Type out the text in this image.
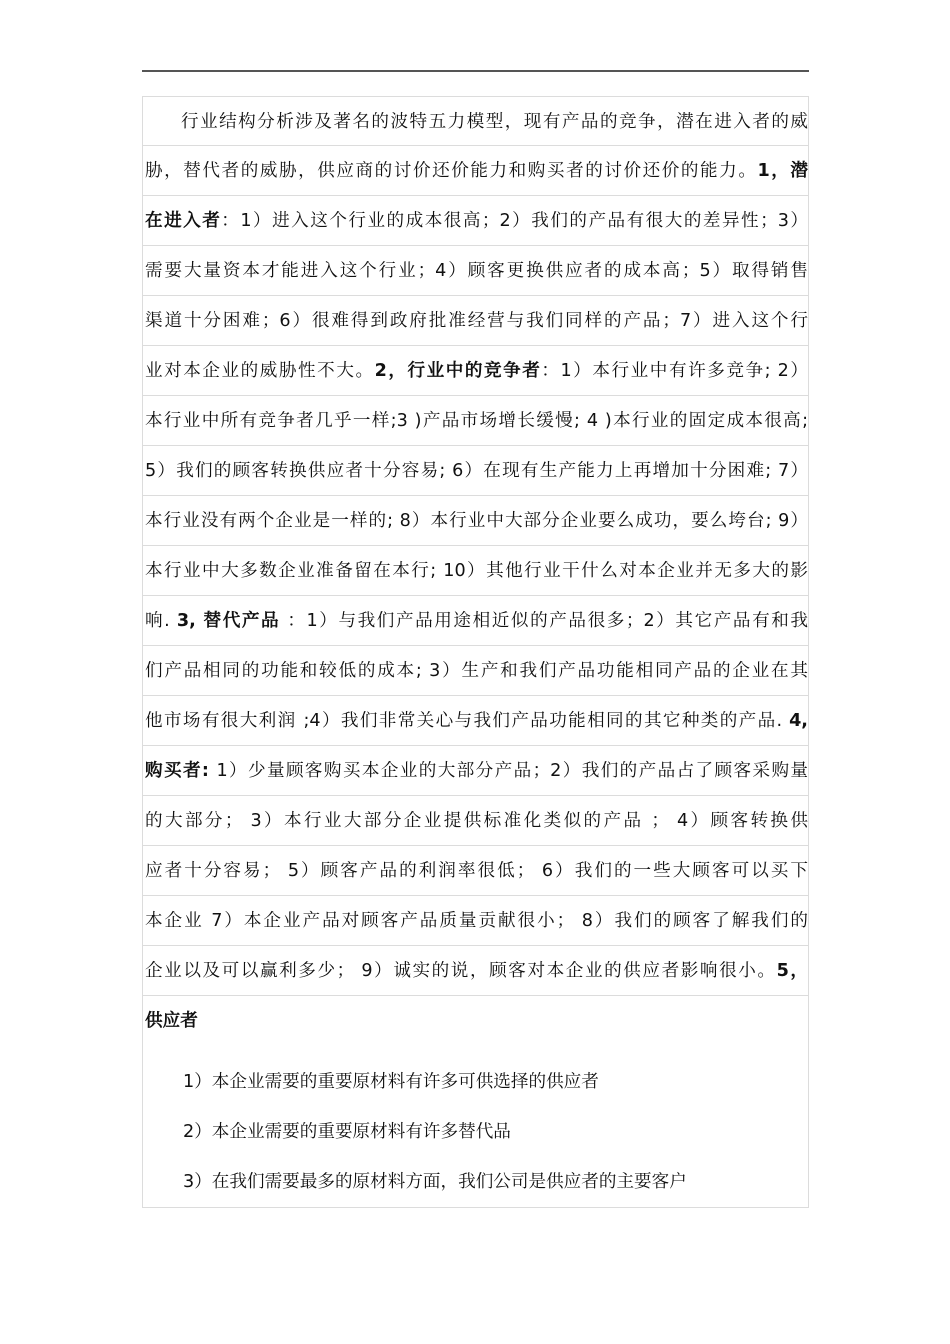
行业结构分析涉及著名的波特五力模型，现有产品的竞争，潜在进入者的威
胁，替代者的威胁，供应商的讨价还价能力和购买者的讨价还价的能力。1，潜
在进入者：1）进入这个行业的成本很高；2）我们的产品有很大的差异性；3）
需要大量资本才能进入这个行业；4）顾客更换供应者的成本高；5）取得销售
渠道十分困难；6）很难得到政府批准经营与我们同样的产品；7）进入这个行
业对本企业的威胁性不大。2，行业中的竞争者：1）本行业中有许多竞争; 2）
本行业中所有竞争者几乎一样;3 )产品市场增长缓慢; 4 )本行业的固定成本很高;
5）我们的顾客转换供应者十分容易; 6）在现有生产能力上再增加十分困难; 7）
本行业没有两个企业是一样的; 8）本行业中大部分企业要么成功，要么垮台; 9）
本行业中大多数企业准备留在本行; 10）其他行业干什么对本企业并无多大的影
响. 3, 替代产品 ：1）与我们产品用途相近似的产品很多；2）其它产品有和我
们产品相同的功能和较低的成本; 3）生产和我们产品功能相同产品的企业在其
他市场有很大利润 ;4）我们非常关心与我们产品功能相同的其它种类的产品. 4,
购买者: 1）少量顾客购买本企业的大部分产品；2）我们的产品占了顾客采购量
的大部分； 3）本行业大部分企业提供标准化类似的产品 ； 4）顾客转换供
应者十分容易； 5）顾客产品的利润率很低； 6）我们的一些大顾客可以买下
本企业 7）本企业产品对顾客产品质量贡献很小； 8）我们的顾客了解我们的
企业以及可以赢利多少； 9）诚实的说，顾客对本企业的供应者影响很小。5，
供应者
1）本企业需要的重要原材料有许多可供选择的供应者
2）本企业需要的重要原材料有许多替代品
3）在我们需要最多的原材料方面，我们公司是供应者的主要客户
